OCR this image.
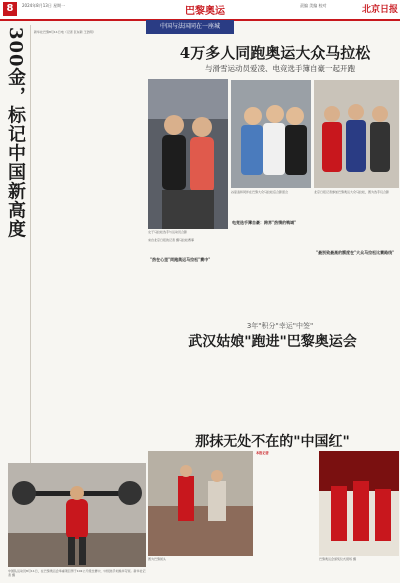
8	2024年8月13日 星期一
巴黎奥运
责编 美编 校对	北京日报
中国与法国同在一座城
300金，标记中国新高度	新华社巴黎8月11日电（记者 巨东新 王浩明）
中国队运动员8月11日，在巴黎奥运会举重项目男子102公斤级比赛中，中国选手刘焕华夺冠。新华社记者 摄
4万多人同跑奥运大众马拉松
与滑雪运动员爱凌、电竞选手簿自豪一起开跑
女子马拉松选手与运动员合影
谷爱凌和同伴在巴黎大众马拉松后合影留念	北京日报记者参加巴黎奥运大众马拉松，图为选手们合影
来自北京日报的记者 摄马拉松赛事
"热在心里"同跑奥运马拉松"赛中"
电竞选手簿自豪：跨界"热情的鸭域"
"最别致最高的额度在"大众马拉松比赛路线"
3年"积分"幸运"中签"
武汉姑娘"跑进"巴黎奥运会
那抹无处不在的"中国红"
图为巴黎街头
本报记者
巴黎奥运会颁奖仪式现场 摄
